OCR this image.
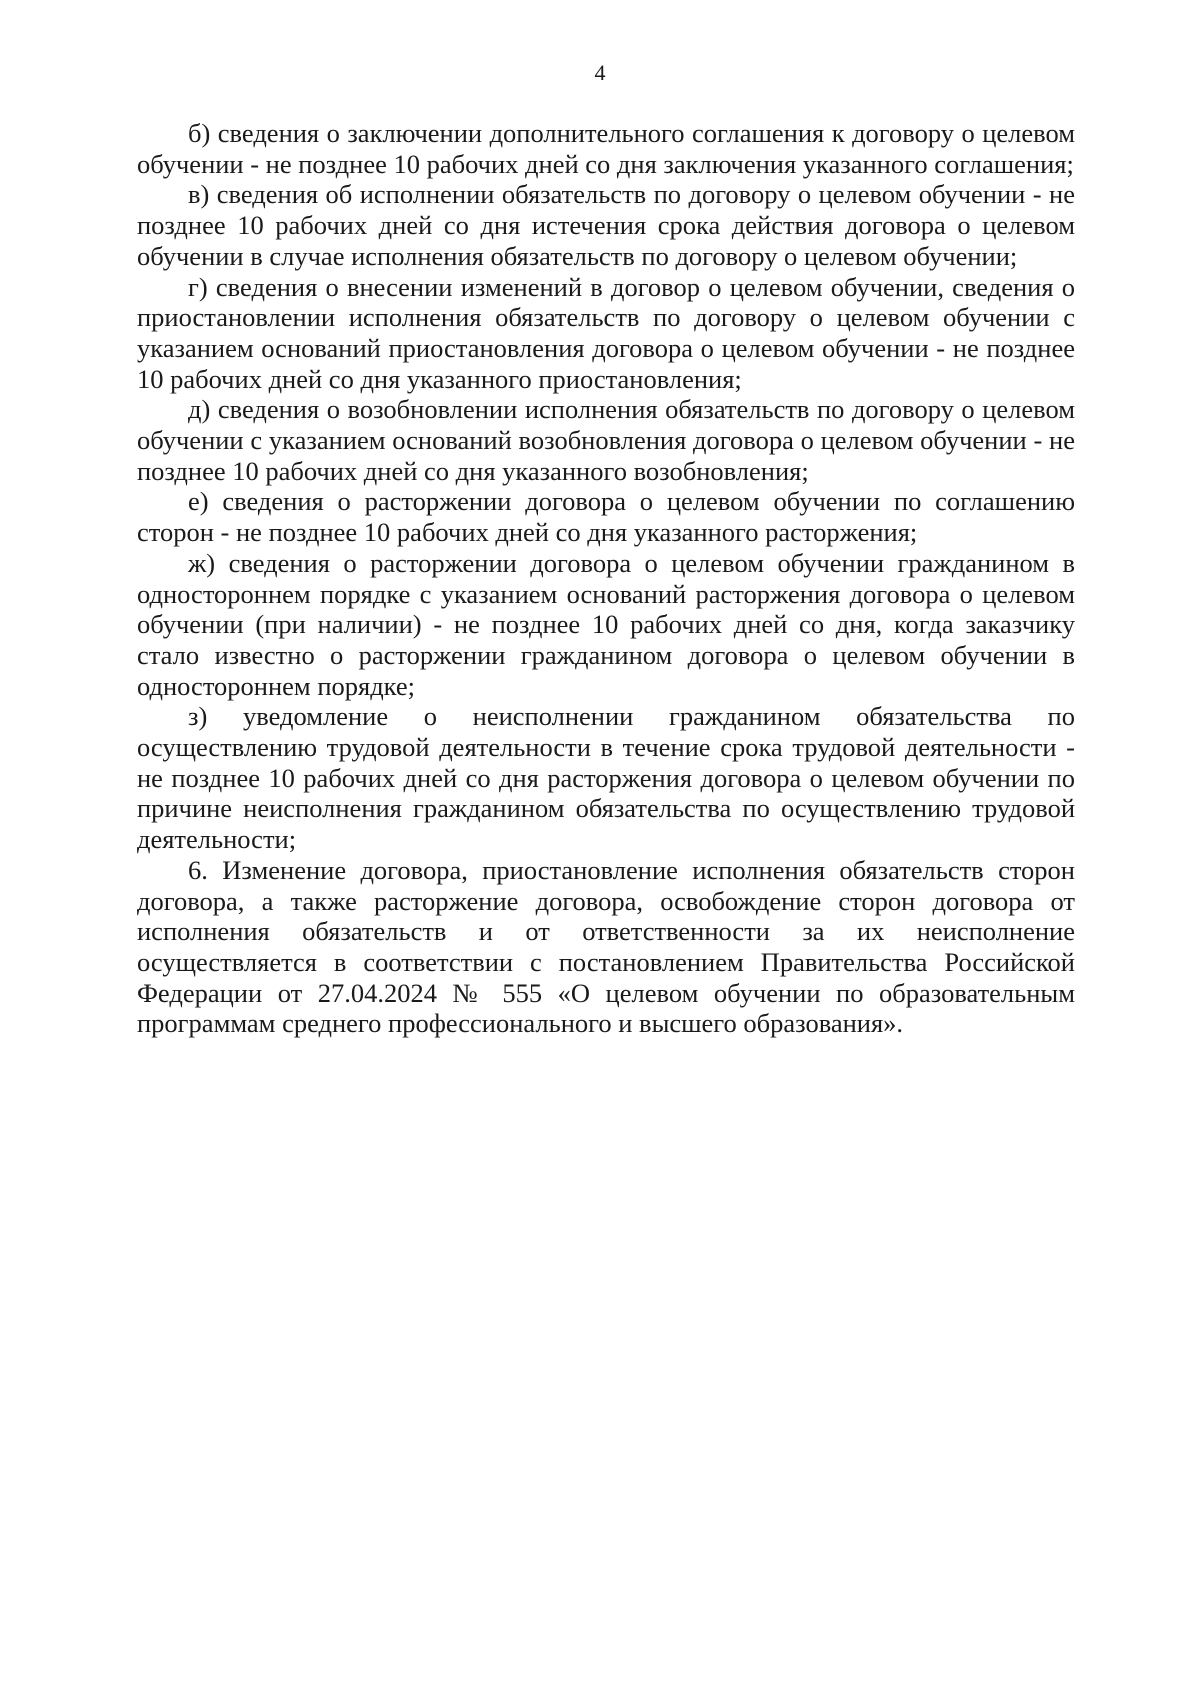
4

б) сведения о заключении дополнительного соглашения к договору о целевом обучении - не позднее 10 рабочих дней со дня заключения указанного соглашения;

в) сведения об исполнении обязательств по договору о целевом обучении - не позднее 10 рабочих дней со дня истечения срока действия договора о целевом обучении в случае исполнения обязательств по договору о целевом обучении;

г) сведения о внесении изменений в договор о целевом обучении, сведения о приостановлении исполнения обязательств по договору о целевом обучении с указанием оснований приостановления договора о целевом обучении - не позднее 10 рабочих дней со дня указанного приостановления;

д) сведения о возобновлении исполнения обязательств по договору о целевом обучении с указанием оснований возобновления договора о целевом обучении - не позднее 10 рабочих дней со дня указанного возобновления;

е) сведения о расторжении договора о целевом обучении по соглашению сторон - не позднее 10 рабочих дней со дня указанного расторжения;

ж) сведения о расторжении договора о целевом обучении гражданином в одностороннем порядке с указанием оснований расторжения договора о целевом обучении (при наличии) - не позднее 10 рабочих дней со дня, когда заказчику стало известно о расторжении гражданином договора о целевом обучении в одностороннем порядке;

з) уведомление о неисполнении гражданином обязательства по осуществлению трудовой деятельности в течение срока трудовой деятельности - не позднее 10 рабочих дней со дня расторжения договора о целевом обучении по причине неисполнения гражданином обязательства по осуществлению трудовой деятельности;

6. Изменение договора, приостановление исполнения обязательств сторон договора, а также расторжение договора, освобождение сторон договора от исполнения обязательств и от ответственности за их неисполнение осуществляется в соответствии с постановлением Правительства Российской Федерации от 27.04.2024 № 555 «О целевом обучении по образовательным программам среднего профессионального и высшего образования».
